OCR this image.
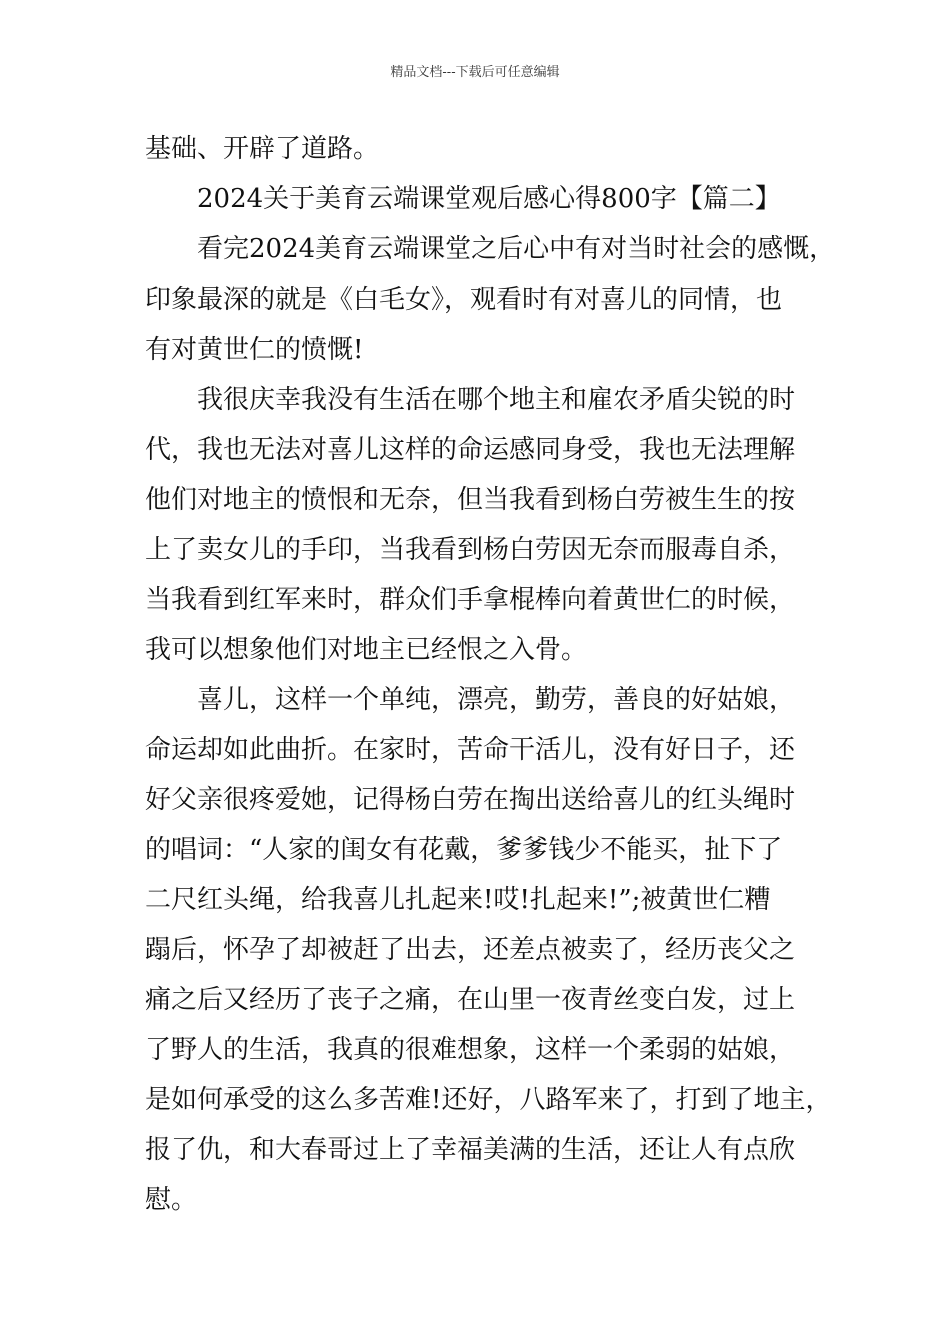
精品文档---下载后可任意编辑
基础、开辟了道路。
2024关于美育云端课堂观后感心得800字【篇二】
看完2024美育云端课堂之后心中有对当时社会的感慨，
印象最深的就是《白毛女》，观看时有对喜儿的同情，也
有对黄世仁的愤慨!
我很庆幸我没有生活在哪个地主和雇农矛盾尖锐的时
代，我也无法对喜儿这样的命运感同身受，我也无法理解
他们对地主的愤恨和无奈，但当我看到杨白劳被生生的按
上了卖女儿的手印，当我看到杨白劳因无奈而服毒自杀，
当我看到红军来时，群众们手拿棍棒向着黄世仁的时候，
我可以想象他们对地主已经恨之入骨。
喜儿，这样一个单纯，漂亮，勤劳，善良的好姑娘，
命运却如此曲折。在家时，苦命干活儿，没有好日子，还
好父亲很疼爱她，记得杨白劳在掏出送给喜儿的红头绳时
的唱词：“人家的闺女有花戴，爹爹钱少不能买，扯下了
二尺红头绳，给我喜儿扎起来!哎!扎起来!”;被黄世仁糟
蹋后，怀孕了却被赶了出去，还差点被卖了，经历丧父之
痛之后又经历了丧子之痛，在山里一夜青丝变白发，过上
了野人的生活，我真的很难想象，这样一个柔弱的姑娘，
是如何承受的这么多苦难!还好，八路军来了，打到了地主，
报了仇，和大春哥过上了幸福美满的生活，还让人有点欣
慰。
